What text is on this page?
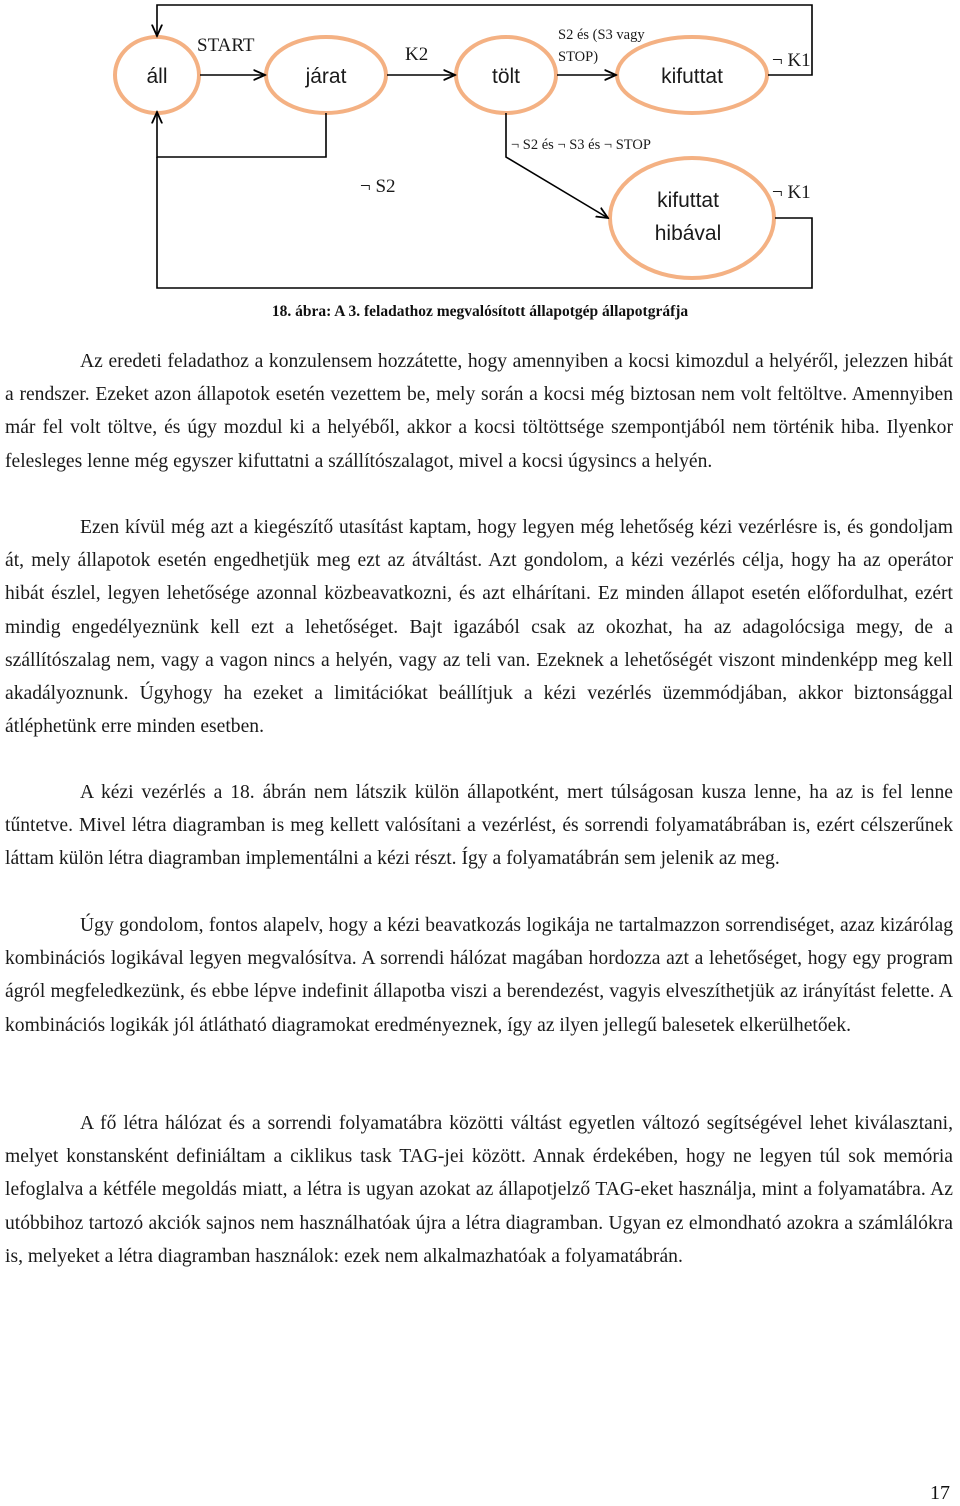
áll	járat	tölt	kifuttat
kifuttat
hibával
START	K2
S2 és (S3 vagy
STOP)	¬ K1
¬ S2 és ¬ S3 és ¬ STOP
¬ S2	¬ K1
18. ábra: A 3. feladathoz megvalósított állapotgép állapotgráfja

Az eredeti feladathoz a konzulensem hozzátette, hogy amennyiben a kocsi kimozdul a helyéről, jelezzen hibát a rendszer. Ezeket azon állapotok esetén vezettem be, mely során a kocsi még biztosan nem volt feltöltve. Amennyiben már fel volt töltve, és úgy mozdul ki a helyéből, akkor a kocsi töltöttsége szempontjából nem történik hiba. Ilyenkor felesleges lenne még egyszer kifuttatni a szállítószalagot, mivel a kocsi úgysincs a helyén.

Ezen kívül még azt a kiegészítő utasítást kaptam, hogy legyen még lehetőség kézi vezérlésre is, és gondoljam át, mely állapotok esetén engedhetjük meg ezt az átváltást. Azt gondolom, a kézi vezérlés célja, hogy ha az operátor hibát észlel, legyen lehetősége azonnal közbeavatkozni, és azt elhárítani. Ez minden állapot esetén előfordulhat, ezért mindig engedélyeznünk kell ezt a lehetőséget. Bajt igazából csak az okozhat, ha az adagolócsiga megy, de a szállítószalag nem, vagy a vagon nincs a helyén, vagy az teli van. Ezeknek a lehetőségét viszont mindenképp meg kell akadályoznunk. Úgyhogy ha ezeket a limitációkat beállítjuk a kézi vezérlés üzemmódjában, akkor biztonsággal átléphetünk erre minden esetben.

A kézi vezérlés a 18. ábrán nem látszik külön állapotként, mert túlságosan kusza lenne, ha az is fel lenne tűntetve. Mivel létra diagramban is meg kellett valósítani a vezérlést, és sorrendi folyamatábrában is, ezért célszerűnek láttam külön létra diagramban implementálni a kézi részt. Így a folyamatábrán sem jelenik az meg.

Úgy gondolom, fontos alapelv, hogy a kézi beavatkozás logikája ne tartalmazzon sorrendiséget, azaz kizárólag kombinációs logikával legyen megvalósítva. A sorrendi hálózat magában hordozza azt a lehetőséget, hogy egy program ágról megfeledkezünk, és ebbe lépve indefinit állapotba viszi a berendezést, vagyis elveszíthetjük az irányítást felette. A kombinációs logikák jól átlátható diagramokat eredményeznek, így az ilyen jellegű balesetek elkerülhetőek.

A fő létra hálózat és a sorrendi folyamatábra közötti váltást egyetlen változó segítségével lehet kiválasztani, melyet konstansként definiáltam a ciklikus task TAG-jei között. Annak érdekében, hogy ne legyen túl sok memória lefoglalva a kétféle megoldás miatt, a létra is ugyan azokat az állapotjelző TAG-eket használja, mint a folyamatábra. Az utóbbihoz tartozó akciók sajnos nem használhatóak újra a létra diagramban. Ugyan ez elmondható azokra a számlálókra is, melyeket a létra diagramban használok: ezek nem alkalmazhatóak a folyamatábrán.

17
